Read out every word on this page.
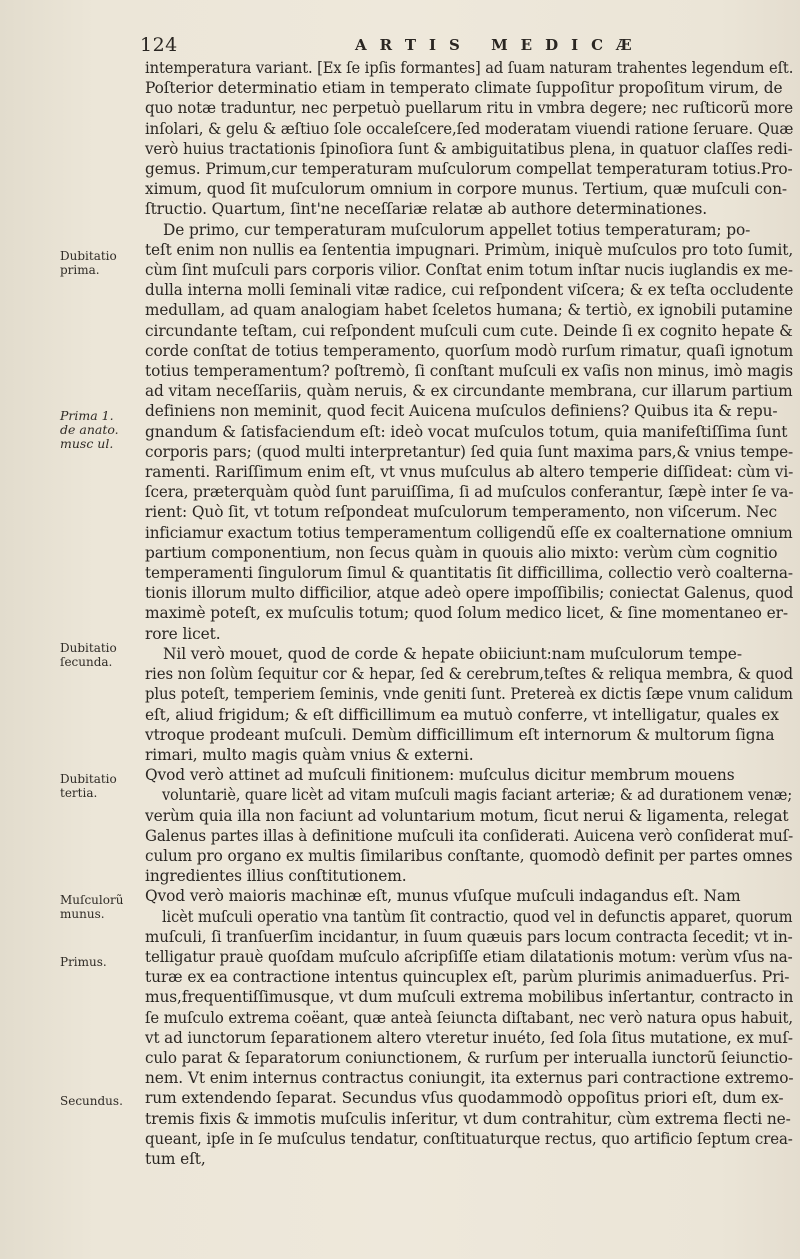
124	ARTIS MEDICÆ
Dubitatio
prima.
Prima 1.
de anato.
musc ul.
Dubitatio
ſecunda.
Dubitatio
tertia.
Muſculorũ
munus.
Primus.
Secundus.
intemperatura variant. [Ex ſe ipſis formantes] ad ſuam naturam trahentes legendum eſt.
Poſterior determinatio etiam in temperato climate ſuppoſitur propoſitum virum, de
quo notæ traduntur, nec perpetuò puellarum ritu in vmbra degere; nec ruſticorũ more
inſolari, & gelu & æſtiuo ſole occaleſcere,ſed moderatam viuendi ratione ſeruare. Quæ
verò huius tractationis ſpinoſiora ſunt & ambiguitatibus plena, in quatuor claſſes redi-
gemus. Primum,cur temperaturam muſculorum compellat temperaturam totius.Pro-
ximum, quod ſit muſculorum omnium in corpore munus. Tertium, quæ muſculi con-
ſtructio. Quartum, ſint'ne neceſſariæ relatæ ab authore determinationes.
De primo, cur temperaturam muſculorum appellet totius temperaturam; po-
teſt enim non nullis ea ſententia impugnari. Primùm, iniquè muſculos pro toto ſumit,
cùm ſint muſculi pars corporis vilior. Conſtat enim totum inſtar nucis iuglandis ex me-
dulla interna molli ſeminali vitæ radice, cui reſpondent viſcera; & ex teſta occludente
medullam, ad quam analogiam habet ſceletos humana; & tertiò, ex ignobili putamine
circundante teſtam, cui reſpondent muſculi cum cute. Deinde ſi ex cognito hepate &
corde conſtat de totius temperamento, quorſum modò rurſum rimatur, quaſi ignotum
totius temperamentum? poſtremò, ſi conſtant muſculi ex vaſis non minus, imò magis
ad vitam neceſſariis, quàm neruis, & ex circundante membrana, cur illarum partium
definiens non meminit, quod fecit Auicena muſculos definiens? Quibus ita & repu-
gnandum & ſatisfaciendum eſt: ideò vocat muſculos totum, quia manifeſtiſſima ſunt
corporis pars; (quod multi interpretantur) ſed quia ſunt maxima pars,& vnius tempe-
ramenti. Rariſſimum enim eſt, vt vnus muſculus ab altero temperie diſſideat: cùm vi-
ſcera, præterquàm quòd ſunt paruiſſima, ſi ad muſculos conferantur, ſæpè inter ſe va-
rient: Quò ſit, vt totum reſpondeat muſculorum temperamento, non viſcerum. Nec
inficiamur exactum totius temperamentum colligendũ eſſe ex coalternatione omnium
partium componentium, non ſecus quàm in quouis alio mixto: verùm cùm cognitio
temperamenti ſingulorum ſimul & quantitatis ſit difficillima, collectio verò coalterna-
tionis illorum multo difficilior, atque adeò opere impoſſibilis; coniectat Galenus, quod
maximè poteſt, ex muſculis totum; quod ſolum medico licet, & ſine momentaneo er-
rore licet.
Nil verò mouet, quod de corde & hepate obiiciunt:nam muſculorum tempe-
ries non ſolùm ſequitur cor & hepar, ſed & cerebrum,teſtes & reliqua membra, & quod
plus poteſt, temperiem ſeminis, vnde geniti ſunt. Pretereà ex dictis ſæpe vnum calidum
eſt, aliud frigidum; & eſt difficillimum ea mutuò conferre, vt intelligatur, quales ex
vtroque prodeant muſculi. Demùm difficillimum eſt internorum & multorum ſigna
rimari, multo magis quàm vnius & externi.
Qvod verò attinet ad muſculi finitionem: muſculus dicitur membrum mouens
voluntariè, quare licèt ad vitam muſculi magis faciant arteriæ; & ad durationem venæ;
verùm quia illa non faciunt ad voluntarium motum, ſicut nerui & ligamenta, relegat
Galenus partes illas à definitione muſculi ita conſiderati. Auicena verò conſiderat muſ-
culum pro organo ex multis ſimilaribus conſtante, quomodò definit per partes omnes
ingredientes illius conſtitutionem.
Qvod verò maioris machinæ eſt, munus vſuſque muſculi indagandus eſt. Nam
licèt muſculi operatio vna tantùm ſit contractio, quod vel in defunctis apparet, quorum
muſculi, ſi tranſuerſim incidantur, in ſuum quæuis pars locum contracta ſecedit; vt in-
telligatur prauè quoſdam muſculo aſcripſiſſe etiam dilatationis motum: verùm vſus na-
turæ ex ea contractione intentus quincuplex eſt, parùm plurimis animaduerſus. Pri-
mus,frequentiſſimusque, vt dum muſculi extrema mobilibus inſertantur, contracto in
ſe muſculo extrema coëant, quæ anteà ſeiuncta diſtabant, nec verò natura opus habuit,
vt ad iunctorum ſeparationem altero vteretur inuéto, ſed ſola ſitus mutatione, ex muſ-
culo parat & ſeparatorum coniunctionem, & rurſum per interualla iunctorũ ſeiunctio-
nem. Vt enim internus contractus coniungit, ita externus pari contractione extremo-
rum extendendo ſeparat. Secundus vſus quodammodò oppoſitus priori eſt, dum ex-
tremis fixis & immotis muſculis inſeritur, vt dum contrahitur, cùm extrema flecti ne-
queant, ipſe in ſe muſculus tendatur, conſtituaturque rectus, quo artificio ſeptum crea-
tum eſt,
